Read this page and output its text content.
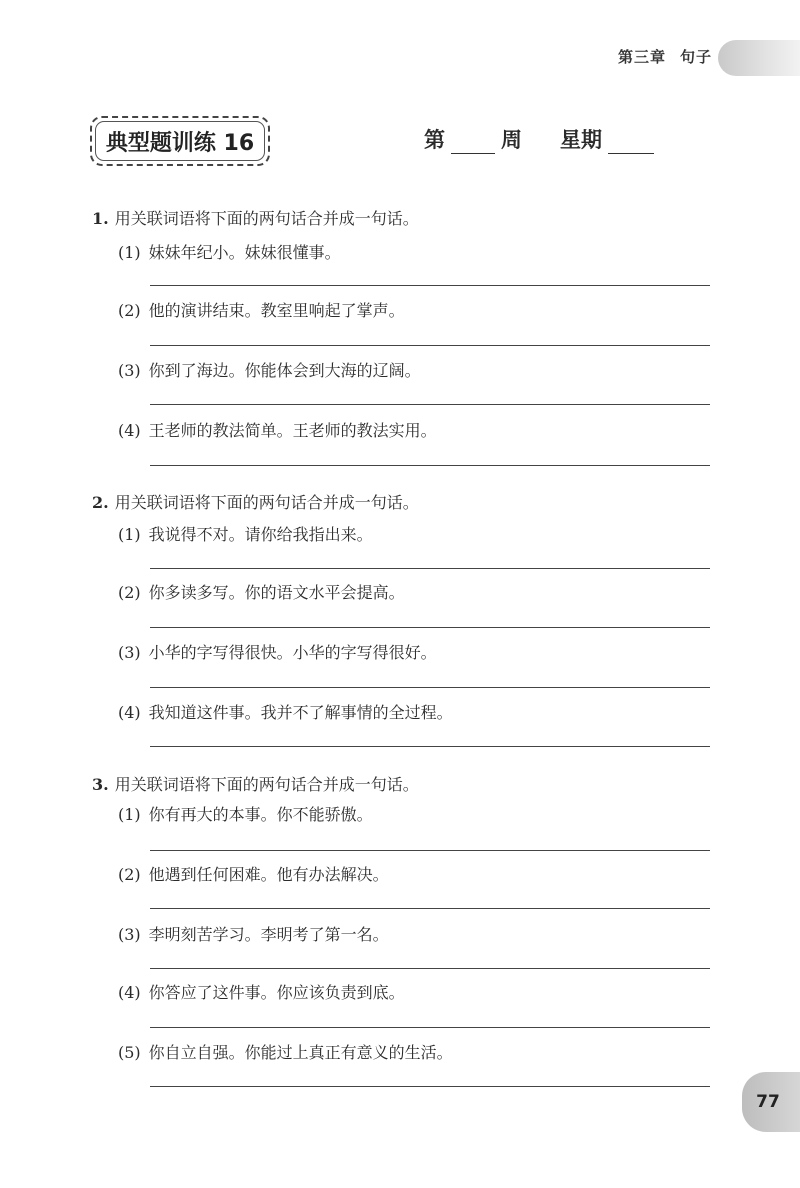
第三章 句子
典型题训练 16	第	周 星期
1. 用关联词语将下面的两句话合并成一句话。
(1) 妹妹年纪小。妹妹很懂事。
(2) 他的演讲结束。教室里响起了掌声。
(3) 你到了海边。你能体会到大海的辽阔。
(4) 王老师的教法简单。王老师的教法实用。
2. 用关联词语将下面的两句话合并成一句话。
(1) 我说得不对。请你给我指出来。
(2) 你多读多写。你的语文水平会提高。
(3) 小华的字写得很快。小华的字写得很好。
(4) 我知道这件事。我并不了解事情的全过程。
3. 用关联词语将下面的两句话合并成一句话。
(1) 你有再大的本事。你不能骄傲。
(2) 他遇到任何困难。他有办法解决。
(3) 李明刻苦学习。李明考了第一名。
(4) 你答应了这件事。你应该负责到底。
(5) 你自立自强。你能过上真正有意义的生活。
77
